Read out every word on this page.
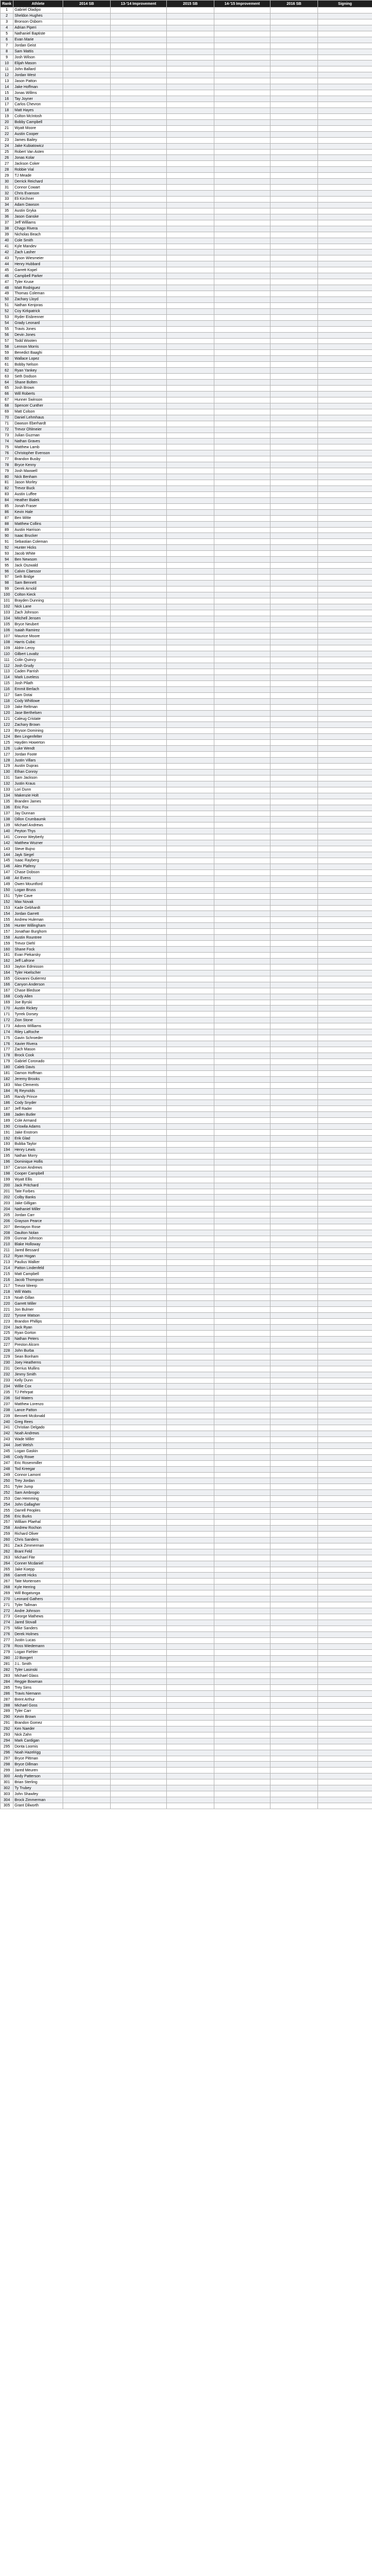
Rank	Athlete	2014 SB	13-'14 Improvement	2015 SB	14-'15 Improvement	2016 SB	Signing
1	Gabriel Oladipo						
2	Sheldon Hughes						
3	Bronson Osborn						
4	Adrian Piperi						
5	Nathaniel Baptiste						
6	Evan Marie						
7	Jordan Geist						
8	Sam Mattis						
9	Josh Wilson						
10	Elijah Mason						
11	John Ballard						
12	Jordan West						
13	Jason Patton						
14	Jake Hoffman						
15	Jonas Willms						
16	Tay Joyner						
17	Carlos Chevron						
18	Matt Hayes						
19	Colton McIntosh						
20	Bobby Campbell						
21	Wyatt Moore						
22	Austin Cooper						
23	James Bailey						
24	Jake Kubiatowicz						
25	Robert Van Asten						
26	Jonas Kolar						
27	Jackson Coker						
28	Robbie Vial						
29	TJ Meade						
30	Derrick Reichard						
31	Connor Cowart						
32	Chris Evanson						
33	Eli Kirchner						
34	Adam Dawson						
35	Austin Gryka						
36	Jason Ganske						
37	Jeff Williams						
38	Chago Rivera						
39	Nicholas Beach						
40	Cole Smith						
41	Kyle Mandev						
42	Zach Lasher						
43	Tyson Wiesmeier						
44	Henry Hubbard						
45	Garrett Kopel						
46	Campbell Parker						
47	Tyler Kruse						
48	Matt Rodriguez						
49	Thomas Coleman						
50	Zachary Lloyd						
51	Nathan Kenjoras						
52	Coy Kirkpatrick						
53	Ryder Eisbrenner						
54	Grady Leonard						
55	Travis Jones						
56	Devin Jones						
57	Todd Wooten						
58	Lennon Morris						
59	Benedict Baaghi						
60	Wallace Lopez						
61	Bobby Nelson						
62	Ryan Yankey						
63	Seth Dodson						
64	Shane Bolten						
65	Josh Brown						
66	Will Roberts						
67	Hunner Swinson						
68	Spencer Cunther						
69	Matt Colson						
70	Daniel Lehmhaus						
71	Dawson Eberhardt						
72	Trevor Ohlmeier						
73	Julian Guzman						
74	Nathan Graves						
75	Matthew Lamb						
76	Christopher Evenson						
77	Brandon Busby						
78	Bryce Kenny						
79	Josh Maxwell						
80	Nick Benham						
81	Jason Morley						
82	Trevor Buck						
83	Austin Luffee						
84	Heather Bialek						
85	Jonah Fraser						
86	Kevin Hale						
87	Ben Witte						
88	Matthew Collins						
89	Austin Harrison						
90	Isaac Brucker						
91	Sebastian Coleman						
92	Hunter Hicks						
93	Jacob White						
94	Ben Newsom						
95	Jack Oszwald						
96	Calvin Claessor						
97	Seth Bridge						
98	Sam Bennett						
99	Derek Arnold						
100	Colton Kieck						
101	Brayden Dunning						
102	Nick Lane						
103	Zach Johnson						
104	Mitchell Jensen						
105	Bryce Neubert						
106	Isaiah Ramirez						
107	Maurice Moore						
108	Harris Cubic						
109	Aldrin Leroy						
110	Gilbert Lovaltz						
111	Colin Quincy						
112	Josh Grudy						
113	Caden Parrish						
114	Mark Loveless						
115	Josh Pilath						
116	Emmit Berlach						
117	Sam Dotai						
118	Cody Whitlowe						
119	Jake Reltman						
120	Jase Berthelsen						
121	Caleug Cristate						
122	Zachary Brown						
123	Bryson Domining						
124	Ben Lingenfelter						
125	Hayden Howerton						
126	Luke Wendt						
127	Jordan Foote						
128	Justin Villars						
129	Austin Dupras						
130	Ethan Conroy						
131	Sam Jackson						
132	Justin Kraus						
133	Lori Dunn						
134	Makenzie Holt						
135	Branden James						
136	Eric Fox						
137	Jay Dunnan						
138	Dillon Crumbaumk						
139	Michael Andrews						
140	Peyton Thys						
141	Connor Weyberly						
142	Matthew Wozner						
143	Steve Bujno						
144	Jayk Siegel						
145	Isaac Rayberg						
146	Alex Plafeny						
147	Chase Dobson						
148	Ari Evens						
149	Owen Mountford						
150	Logan Bruss						
151	Tyler Cave						
152	Max Novak						
153	Kade Gebhardt						
154	Jordan Garrett						
155	Andrew Huleman						
156	Hunter Willingham						
157	Jonathan Burghorn						
158	Austin Rountree						
159	Trevor Diehl						
160	Shane Fock						
161	Evan Piekarsky						
162	Jeff Lafrone						
163	Jayton Edmisson						
164	Tyler Hoelscher						
165	Giovanni Gutierrez						
166	Canyon Anderson						
167	Chase Bledsoe						
168	Cody Allen						
169	Joe Byrski						
170	Austin Rickey						
171	Tyrrek Dorsey						
172	Zion Stone						
173	Adonis Williams						
174	Riley LaRoche						
175	Gavin Schroeder						
176	Xavier Rivera						
177	Zach Mason						
178	Brock Cook						
179	Gabriel Coronado						
180	Caleb Davis						
181	Damon Hoffman						
182	Jeremy Brooks						
183	Max Clements						
184	Rj Reynolds						
185	Randy Prince						
186	Cody Snyder						
187	Jeff Rader						
188	Jaden Butler						
189	Cole Armand						
190	Criswila Adams						
191	Jake Enstrom						
192	Erik Glad						
193	Bubba Taylor						
194	Henry Lewis						
195	Nathan Morry						
196	Dominique Hollis						
197	Carson Andrews						
198	Cooper Campbell						
199	Wyatt Ellis						
200	Jack Pritchard						
201	Tate Forbes						
202	Colby Banks						
203	Jake Gilligan						
204	Nathaniel Miller						
205	Jordan Carr						
206	Grayson Pearce						
207	Bentayon Rose						
208	Daulton Nolan						
209	Gunnar Johnson						
210	Blake Holloway						
211	Jared Bessard						
212	Ryan Hogan						
213	Paulius Walker						
214	Patton Lindenfeld						
215	Matt Campbell						
216	Jacob Thompson						
217	Trevor Meerp						
218	Will Watts						
219	Noah Gillan						
220	Garrett Miller						
221	Jon Bulmer						
222	Tyrone Watson						
223	Brandon Phillips						
224	Jack Ryan						
225	Ryan Gorton						
226	Nathan Peters						
227	Preston Alcorn						
228	John Burba						
229	Sean Bonham						
230	Joey Heatherns						
231	Derrius Mullins						
232	Jimmy Smith						
233	Kelly Dunn						
234	Willie Cox						
235	TJ Pehrpat						
236	Sid Waters						
237	Matthew Lorenzo						
238	Lance Patton						
239	Bennett Mcdonald						
240	Greg Rees						
241	Christian Delgado						
242	Noah Andrews						
243	Wade Miller						
244	Joel Welsh						
245	Logan Gaskin						
246	Cody Rowe						
247	Eric Rosenmiller						
248	Tod Kreegar						
249	Connor Lamont						
250	Trey Jordan						
251	Tyler Jump						
252	Sam Ambrogio						
253	Dan Hemming						
254	John Gallagher						
255	Darrell Peoples						
256	Eric Burks						
257	William Pfaehal						
258	Andrew Rochon						
259	Richard Oliver						
260	Chris Sanders						
261	Zack Zimmerman						
262	Brant Feld						
263	Michael Fite						
264	Conner Mcdaniel						
265	Jake Koepp						
266	Garrett Hicks						
267	Tate Mortensen						
268	Kyle Herring						
269	Will Bogatunga						
270	Leonard Gathers						
271	Tyler Tallman						
272	Andre Johnson						
273	George Mathews						
274	Jared Stovall						
275	Mike Sanders						
276	Derek Holmes						
277	Justin Lucas						
278	Ross Wiedemann						
279	Logan Fiehler						
280	JJ Bongert						
281	J.L. Smith						
282	Tyler Lasinski						
283	Michael Glass						
284	Reggie Bowman						
285	Trey Sims						
286	Travis Niemann						
287	Brent Arthur						
288	Michael Goss						
289	Tyler Carr						
290	Kevin Brown						
291	Brandon Gomez						
292	Ken Naeder						
293	Nick Zahn						
294	Mark Cardigan						
295	Donta Loomis						
296	Noah Hazelrigg						
297	Bryce Pittman						
298	Bryce Dillman						
299	Jared Meuren						
300	Andy Patterson						
301	Brian Sterling						
302	Ty Trubey						
303	John Shawley						
304	Brock Zimmerman						
305	Grant Dilworth						
